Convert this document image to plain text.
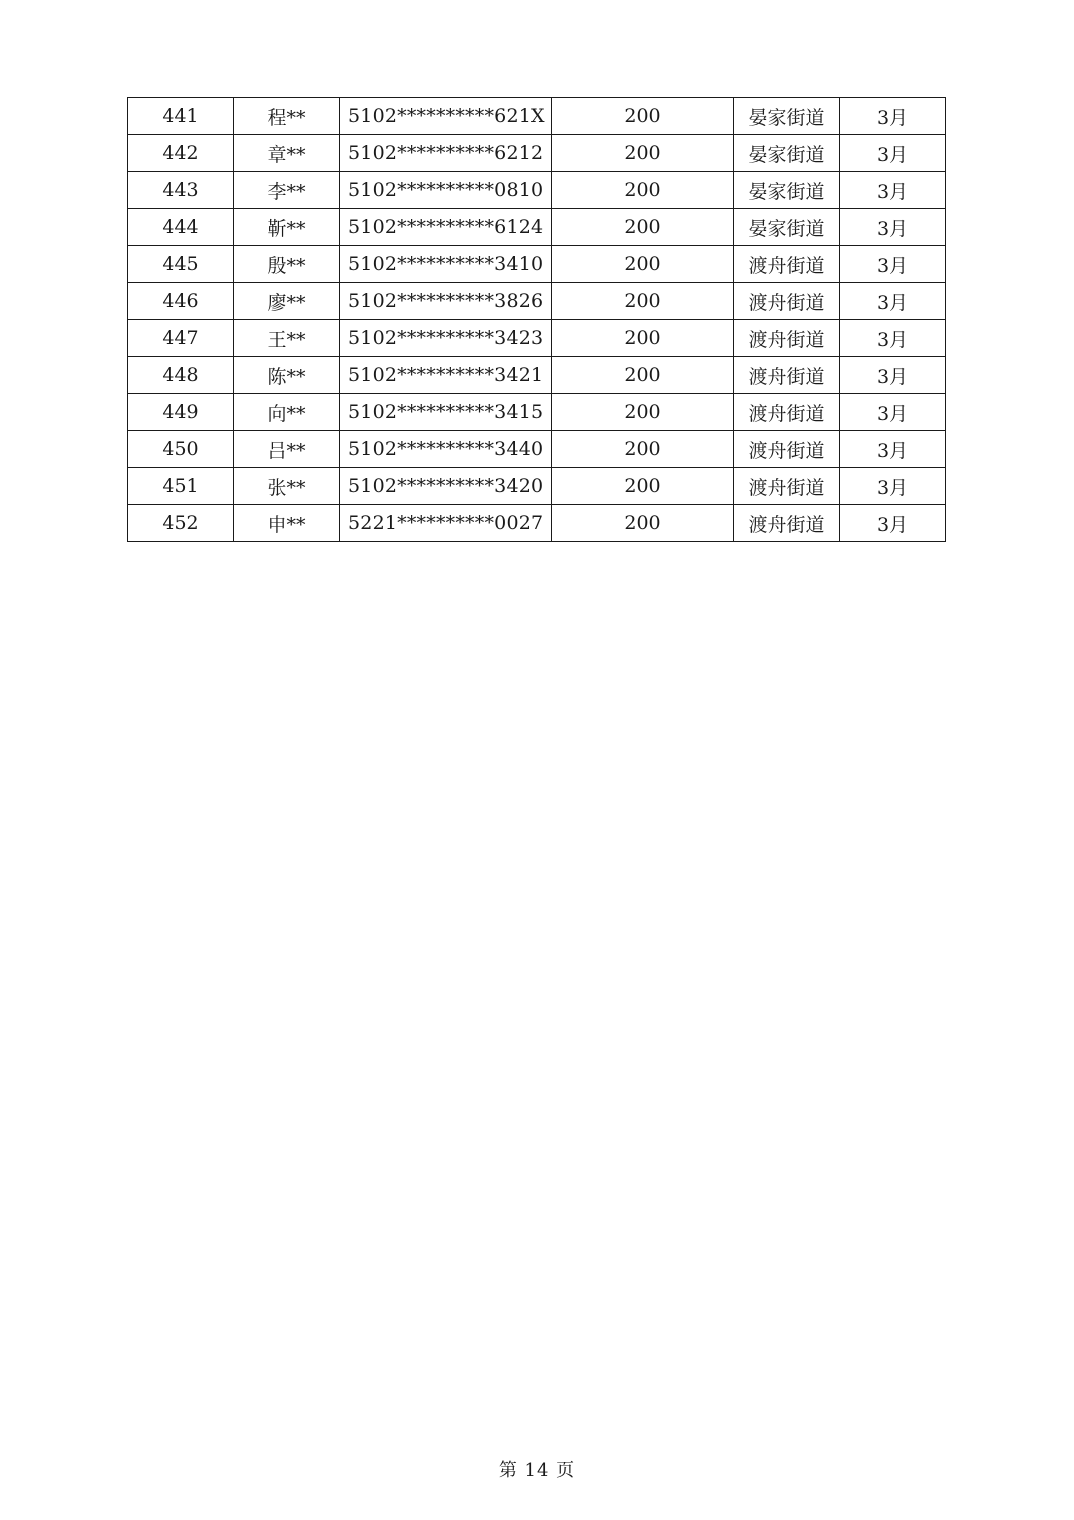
441	程**	5102**********621X	200	晏家街道	3月
442	章**	5102**********6212	200	晏家街道	3月
443	李**	5102**********0810	200	晏家街道	3月
444	靳**	5102**********6124	200	晏家街道	3月
445	殷**	5102**********3410	200	渡舟街道	3月
446	廖**	5102**********3826	200	渡舟街道	3月
447	王**	5102**********3423	200	渡舟街道	3月
448	陈**	5102**********3421	200	渡舟街道	3月
449	向**	5102**********3415	200	渡舟街道	3月
450	吕**	5102**********3440	200	渡舟街道	3月
451	张**	5102**********3420	200	渡舟街道	3月
452	申**	5221**********0027	200	渡舟街道	3月
第 14 页
